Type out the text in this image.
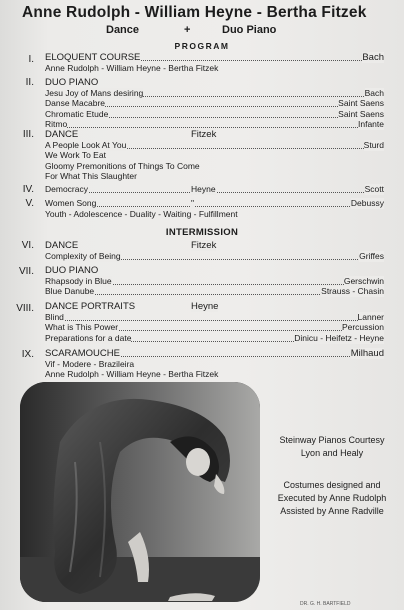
Anne Rudolph - William Heyne - Bertha Fitzek
Dance	+	Duo Piano
PROGRAM
INTERMISSION
I. ELOQUENT COURSE	Bach
Anne Rudolph - William Heyne - Bertha Fitzek
II. DUO PIANO
Jesu Joy of Mans desiring	Bach
Danse Macabre	Saint Saens
Chromatic Etude	Saint Saens
Ritmo	Infante
III. DANCE	Fitzek
A People Look At You	Sturd
We Work To Eat
Gloomy Premonitions of Things To Come
For What This Slaughter
IV. Democracy	Heyne	Scott
V. Women Song	"	Debussy
Youth - Adolescence - Duality - Waiting - Fulfillment
VI. DANCE	Fitzek
Complexity of Being	Griffes
VII. DUO PIANO
Rhapsody in Blue	Gerschwin
Blue Danube	Strauss - Chasin
VIII. DANCE PORTRAITS	Heyne
Blind	Lanner
What is This Power	Percussion
Preparations for a date	Dinicu - Heifetz - Heyne
IX. SCARAMOUCHE	Milhaud
Vif - Modere - Brazileira
Anne Rudolph - William Heyne - Bertha Fitzek
Steinway Pianos Courtesy
Lyon and Healy
Costumes designed and
Executed by Anne Rudolph
Assisted by Anne Radville
DR. G. H. BARTFIELD
